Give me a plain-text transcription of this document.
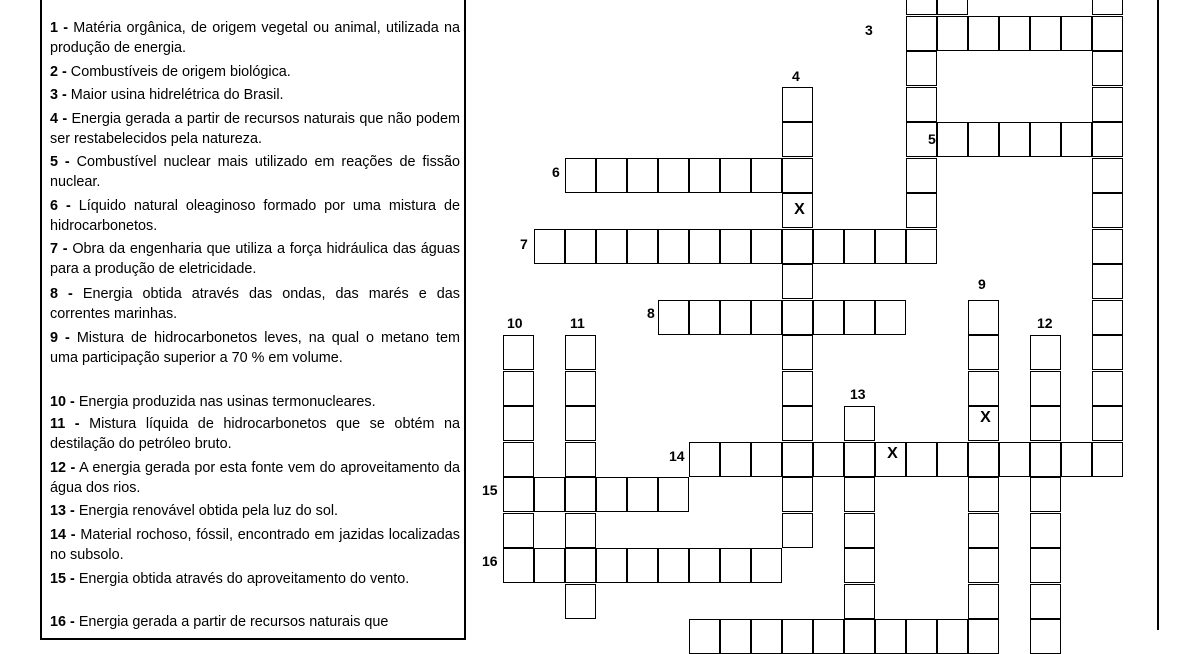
1 - Matéria orgânica, de origem vegetal ou animal, utilizada na produção de energia.
2 - Combustíveis de origem biológica.
3 - Maior usina hidrelétrica do Brasil.
4 - Energia gerada a partir de recursos naturais que não podem ser restabelecidos pela natureza.
5 - Combustível nuclear mais utilizado em reações de fissão nuclear.
6 - Líquido natural oleaginoso formado por uma mistura de hidrocarbonetos.
7 - Obra da engenharia que utiliza a força hidráulica das águas para a produção de eletricidade.
8 - Energia obtida através das ondas, das marés e das correntes marinhas.
9 - Mistura de hidrocarbonetos leves, na qual o metano tem uma participação superior a 70 % em volume.
10 - Energia produzida nas usinas termonucleares.
11 - Mistura líquida de hidrocarbonetos que se obtém na destilação do petróleo bruto.
12 - A energia gerada por esta fonte vem do aproveitamento da água dos rios.
13 - Energia renovável obtida pela luz do sol.
14 - Material rochoso, fóssil, encontrado em jazidas localizadas no subsolo.
15 - Energia obtida através do aproveitamento do vento.
16 - Energia gerada a partir de recursos naturais que
3
4
5
6
7
8
9
10	11	12
13
14
15
16
X
X
X
